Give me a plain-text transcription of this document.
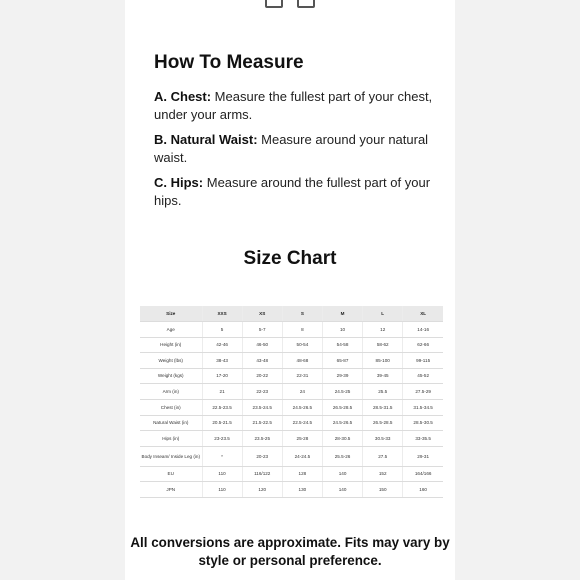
How To Measure

A. Chest: Measure the fullest part of your chest, under your arms.

B. Natural Waist: Measure around your natural waist.

C. Hips: Measure around the fullest part of your hips.

Size Chart
Size	XXS	XS	S	M	L	XL
Age	5	5-7	8	10	12	14-16
Height (in)	42-46	46-50	50-54	54-58	58-62	62-66
Weight (lbs)	38-43	43-48	48-68	65-87	85-100	99-115
Weight (kgs)	17-20	20-22	22-31	29-39	39-45	45-52
Arm (in)	21	22-23	24	24.5-25	25.5	27.5-29
Chest (in)	22.5-23.5	23.5-24.5	24.5-26.5	26.5-28.5	28.5-31.5	31.5-34.5
Natural Waist (in)	20.5-21.5	21.5-22.5	22.5-24.5	24.5-26.5	26.5-28.5	28.5-30.5
Hips (in)	23-23.5	23.5-25	25-28	28-30.5	30.5-33	33-35.5
Body Inseam/ Inside Leg (in)	*	20-23	24-24.5	25.5-26	27.5	29-31
EU	110	116/122	128	140	152	164/166
JPN	110	120	130	140	150	160

All conversions are approximate. Fits may vary by style or personal preference.
